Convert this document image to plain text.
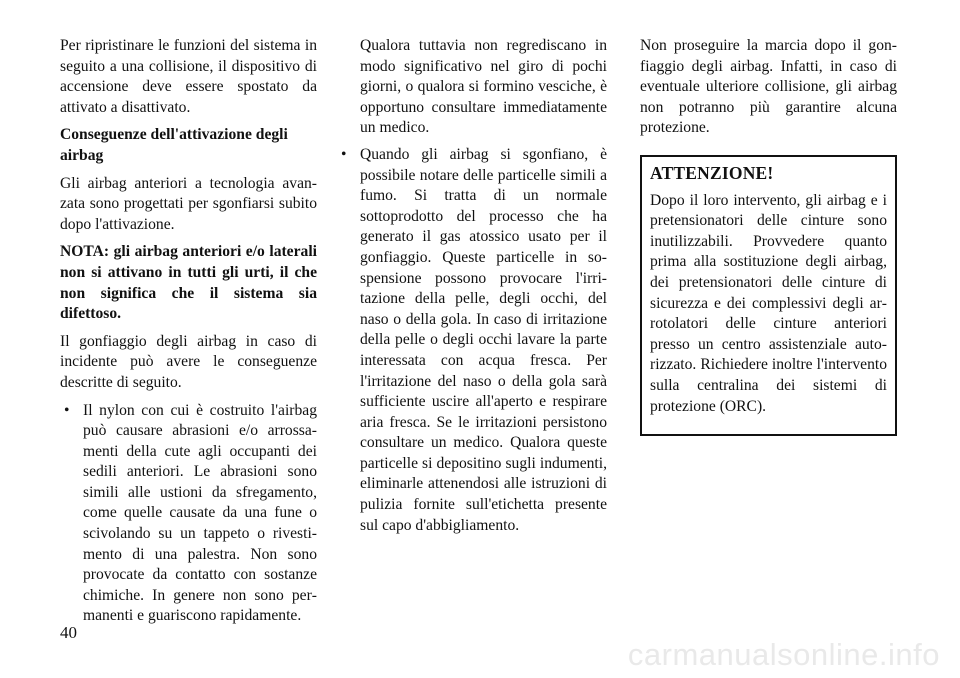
Per ripristinare le funzioni del sistema in seguito a una collisione, il dispositivo di accensione deve essere spostato da attivato a disattivato.

Conseguenze dell'attivazione degli airbag

Gli airbag anteriori a tecnologia avanzata sono progettati per sgonfiarsi subito dopo l'attivazione.

NOTA: gli airbag anteriori e/o laterali non si attivano in tutti gli urti, il che non significa che il sistema sia difettoso.

Il gonfiaggio degli airbag in caso di incidente può avere le conseguenze descritte di seguito.

• Il nylon con cui è costruito l'airbag può causare abrasioni e/o arrossamenti della cute agli occupanti dei sedili anteriori. Le abrasioni sono simili alle ustioni da sfregamento, come quelle causate da una fune o scivolando su un tappeto o rivestimento di una palestra. Non sono provocate da contatto con sostanze chimiche. In genere non sono permanenti e guariscono rapidamente.

Qualora tuttavia non regrediscano in modo significativo nel giro di pochi giorni, o qualora si formino vesciche, è opportuno consultare immediatamente un medico.

• Quando gli airbag si sgonfiano, è possibile notare delle particelle simili a fumo. Si tratta di un normale sottoprodotto del processo che ha generato il gas atossico usato per il gonfiaggio. Queste particelle in sospensione possono provocare l'irritazione della pelle, degli occhi, del naso o della gola. In caso di irritazione della pelle o degli occhi lavare la parte interessata con acqua fresca. Per l'irritazione del naso o della gola sarà sufficiente uscire all'aperto e respirare aria fresca. Se le irritazioni persistono consultare un medico. Qualora queste particelle si depositino sugli indumenti, eliminarle attenendosi alle istruzioni di pulizia fornite sull'etichetta presente sul capo d'abbigliamento.

Non proseguire la marcia dopo il gonfiaggio degli airbag. Infatti, in caso di eventuale ulteriore collisione, gli airbag non potranno più garantire alcuna protezione.

ATTENZIONE!

Dopo il loro intervento, gli airbag e i pretensionatori delle cinture sono inutilizzabili. Provvedere quanto prima alla sostituzione degli airbag, dei pretensionatori delle cinture di sicurezza e dei complessivi degli arrotolatori delle cinture anteriori presso un centro assistenziale autorizzato. Richiedere inoltre l'intervento sulla centralina dei sistemi di protezione (ORC).

40
carmanualsonline.info
